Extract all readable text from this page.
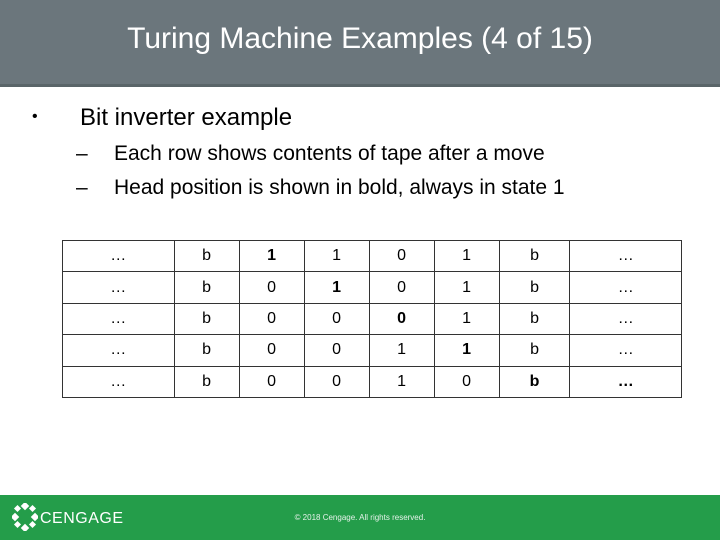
Turing Machine Examples (4 of 15)
• Bit inverter example
– Each row shows contents of tape after a move
– Head position is shown in bold, always in state 1
…	b	1	1	0	1	b	…
…	b	0	1	0	1	b	…
…	b	0	0	0	1	b	…
…	b	0	0	1	1	b	…
…	b	0	0	1	0	b	…
CENGAGE	© 2018 Cengage. All rights reserved.
